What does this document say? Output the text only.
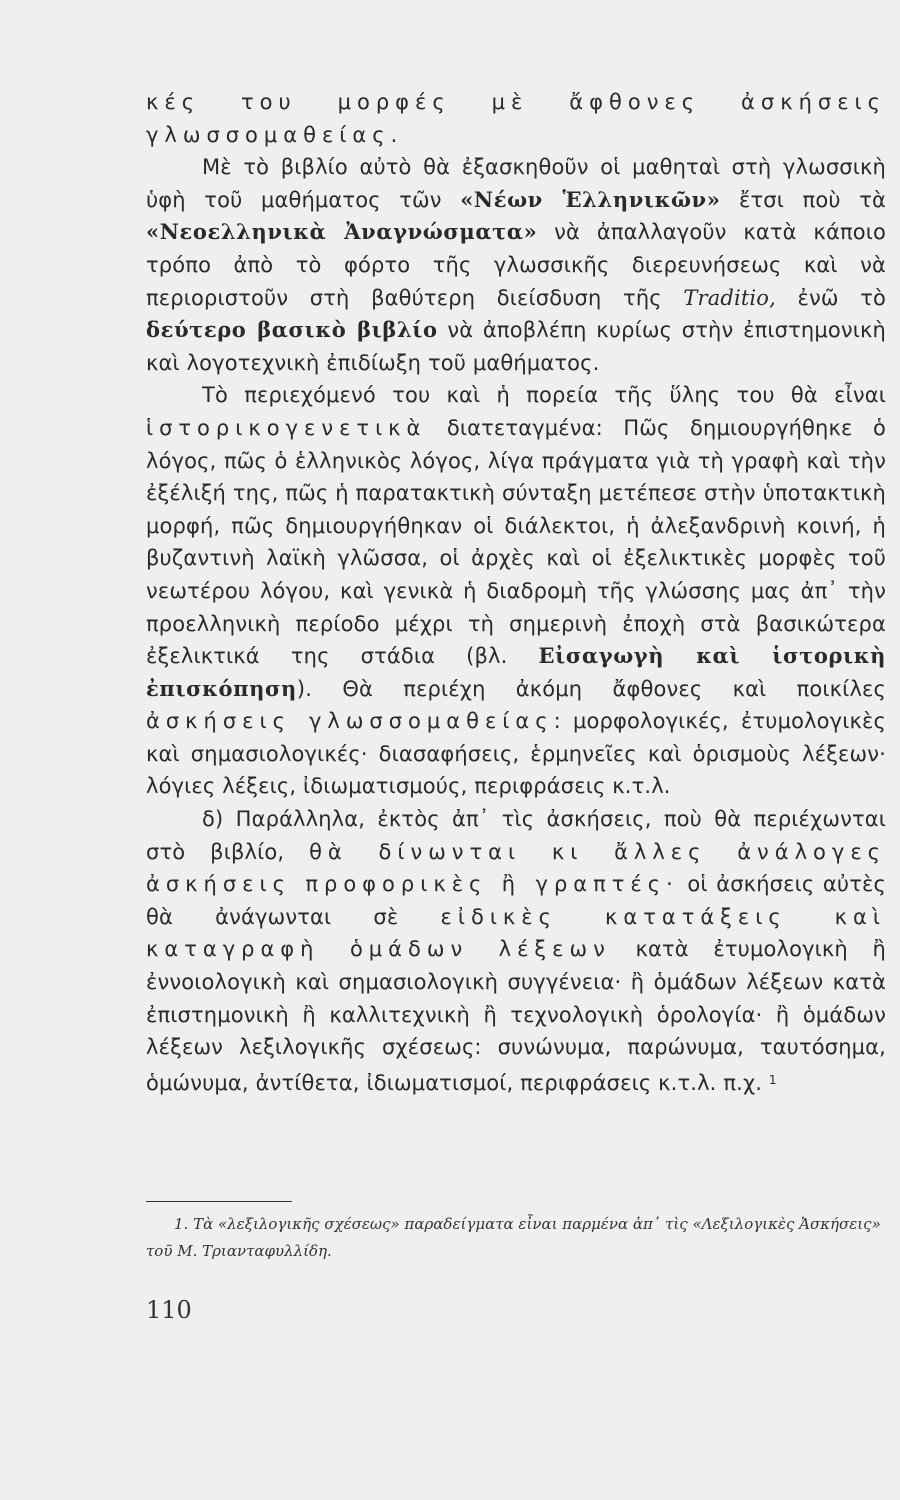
κές του μορφές μὲ ἄφθονες ἀσκήσεις γλωσσομαθείας.

Μὲ τὸ βιβλίο αὐτὸ θὰ ἐξασκηθοῦν οἱ μαθηταὶ στὴ γλωσσικὴ ὑφὴ τοῦ μαθήματος τῶν «Νέων Ἑλληνικῶν» ἔτσι ποὺ τὰ «Νεοελληνικὰ Ἀναγνώσματα» νὰ ἀπαλλαγοῦν κατὰ κάποιο τρόπο ἀπὸ τὸ φόρτο τῆς γλωσσικῆς διερευνήσεως καὶ νὰ περιοριστοῦν στὴ βαθύτερη διείσδυση τῆς Traditio, ἐνῶ τὸ δεύτερο βασικὸ βιβλίο νὰ ἀποβλέπη κυρίως στὴν ἐπιστημονικὴ καὶ λογοτεχνικὴ ἐπιδίωξη τοῦ μαθήματος.

Τὸ περιεχόμενό του καὶ ἡ πορεία τῆς ὕλης του θὰ εἶναι ἱστορικογενετικὰ διατεταγμένα: Πῶς δημιουργήθηκε ὁ λόγος, πῶς ὁ ἑλληνικὸς λόγος, λίγα πράγματα γιὰ τὴ γραφὴ καὶ τὴν ἐξέλιξή της, πῶς ἡ παρατακτικὴ σύνταξη μετέπεσε στὴν ὑποτακτικὴ μορφή, πῶς δημιουργήθηκαν οἱ διάλεκτοι, ἡ ἀλεξανδρινὴ κοινή, ἡ βυζαντινὴ λαϊκὴ γλῶσσα, οἱ ἀρχὲς καὶ οἱ ἐξελικτικὲς μορφὲς τοῦ νεωτέρου λόγου, καὶ γενικὰ ἡ διαδρομὴ τῆς γλώσσης μας ἀπ᾿ τὴν προελληνικὴ περίοδο μέχρι τὴ σημερινὴ ἐποχὴ στὰ βασικώτερα ἐξελικτικά της στάδια (βλ. Εἰσαγωγὴ καὶ ἱστορικὴ ἐπισκόπηση). Θὰ περιέχη ἀκόμη ἄφθονες καὶ ποικίλες ἀσκήσεις γλωσσομαθείας: μορφολογικές, ἐτυμολογικὲς καὶ σημασιολογικές· διασαφήσεις, ἑρμηνεῖες καὶ ὁρισμοὺς λέξεων· λόγιες λέξεις, ἰδιωματισμούς, περιφράσεις κ.τ.λ.

δ) Παράλληλα, ἐκτὸς ἀπ᾿ τὶς ἀσκήσεις, ποὺ θὰ περιέχωνται στὸ βιβλίο, θὰ δίνωνται κι ἄλλες ἀνάλογες ἀσκήσεις προφορικὲς ἢ γραπτές· οἱ ἀσκήσεις αὐτὲς θὰ ἀνάγωνται σὲ εἰδικὲς κατατάξεις καὶ καταγραφὴ ὁμάδων λέξεων κατὰ ἐτυμολογικὴ ἢ ἐννοιολογικὴ καὶ σημασιολογικὴ συγγένεια· ἢ ὁμάδων λέξεων κατὰ ἐπιστημονικὴ ἢ καλλιτεχνικὴ ἢ τεχνολογικὴ ὁρολογία· ἢ ὁμάδων λέξεων λεξιλογικῆς σχέσεως: συνώνυμα, παρώνυμα, ταυτόσημα, ὁμώνυμα, ἀντίθετα, ἰδιωματισμοί, περιφράσεις κ.τ.λ. π.χ. $^1$

1. Τὰ «λεξιλογικῆς σχέσεως» παραδείγματα εἶναι παρμένα ἀπ᾿ τὶς «Λεξιλογικὲς Ἀσκήσεις» τοῦ Μ. Τριανταφυλλίδη.
110
